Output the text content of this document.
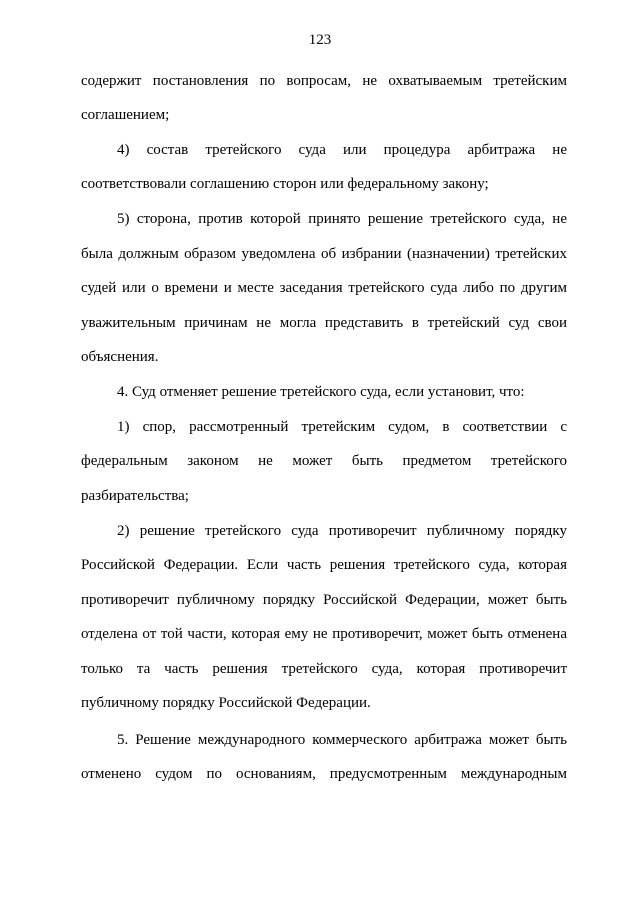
123
содержит постановления по вопросам, не охватываемым третейским
соглашением;
4) состав третейского суда или процедура арбитража не
соответствовали соглашению сторон или федеральному закону;
5) сторона, против которой принято решение третейского суда, не
была должным образом уведомлена об избрании (назначении) третейских
судей или о времени и месте заседания третейского суда либо по другим
уважительным причинам не могла представить в третейский суд свои
объяснения.
4. Суд отменяет решение третейского суда, если установит, что:
1) спор, рассмотренный третейским судом, в соответствии с
федеральным законом не может быть предметом третейского
разбирательства;
2) решение третейского суда противоречит публичному порядку
Российской Федерации. Если часть решения третейского суда, которая
противоречит публичному порядку Российской Федерации, может быть
отделена от той части, которая ему не противоречит, может быть отменена
только та часть решения третейского суда, которая противоречит
публичному порядку Российской Федерации.
5. Решение международного коммерческого арбитража может быть
отменено судом по основаниям, предусмотренным международным
